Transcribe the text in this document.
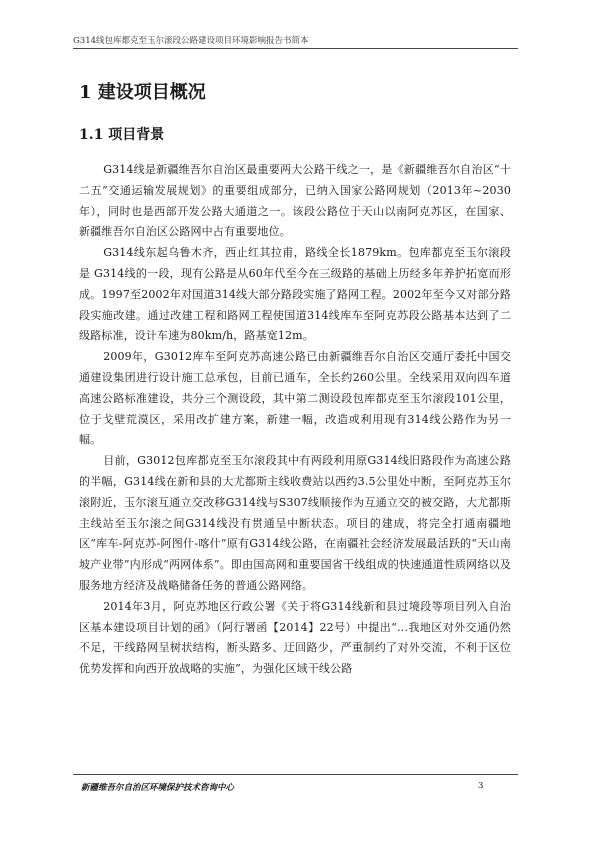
G314线包库都克至玉尔滚段公路建设项目环境影响报告书简本
1 建设项目概况
1.1 项目背景

G314线是新疆维吾尔自治区最重要两大公路干线之一，是《新疆维吾尔自治区“十 二五”交通运输发展规划》的重要组成部分，已纳入国家公路网规划（2013年~2030 年），同时也是西部开发公路大通道之一。该段公路位于天山以南阿克苏区，在国家、 新疆维吾尔自治区公路网中占有重要地位。

G314线东起乌鲁木齐，西止红其拉甫，路线全长1879km。包库都克至玉尔滚段是 G314线的一段，现有公路是从60年代至今在三级路的基础上历经多年养护拓宽而形成。1997至2002年对国道314线大部分路段实施了路网工程。2002年至今又对部分路段实施改建。通过改建工程和路网工程使国道314线库车至阿克苏段公路基本达到了二级路标准，设计车速为80km/h，路基宽12m。

2009年，G3012库车至阿克苏高速公路已由新疆维吾尔自治区交通厅委托中国交通建设集团进行设计施工总承包，目前已通车，全长约260公里。全线采用双向四车道高速公路标准建设，共分三个测设段，其中第二测设段包库都克至玉尔滚段101公里，位于戈壁荒漠区，采用改扩建方案，新建一幅，改造或利用现有314线公路作为另一幅。

目前，G3012包库都克至玉尔滚段其中有两段利用原G314线旧路段作为高速公路的半幅，G314线在新和县的大尤都斯主线收费站以西约3.5公里处中断，至阿克苏玉尔滚附近，玉尔滚互通立交改移G314线与S307线顺接作为互通立交的被交路，大尤都斯主线站至玉尔滚之间G314线没有贯通呈中断状态。项目的建成，将完全打通南疆地区“库车-阿克苏-阿图什-喀什”原有G314线公路，在南疆社会经济发展最活跃的“天山南坡产业带”内形成“两网体系”。即由国高网和重要国省干线组成的快速通道性质网络以及服务地方经济及战略储备任务的普通公路网络。

2014年3月，阿克苏地区行政公署《关于将G314线新和县过境段等项目列入自治区基本建设项目计划的函》（阿行署函【2014】22号）中提出“…我地区对外交通仍然不足，干线路网呈树状结构，断头路多、迂回路少，严重制约了对外交流，不利于区位优势发挥和向西开放战略的实施”，为强化区域干线公路

新疆维吾尔自治区环境保护技术咨询中心	3
